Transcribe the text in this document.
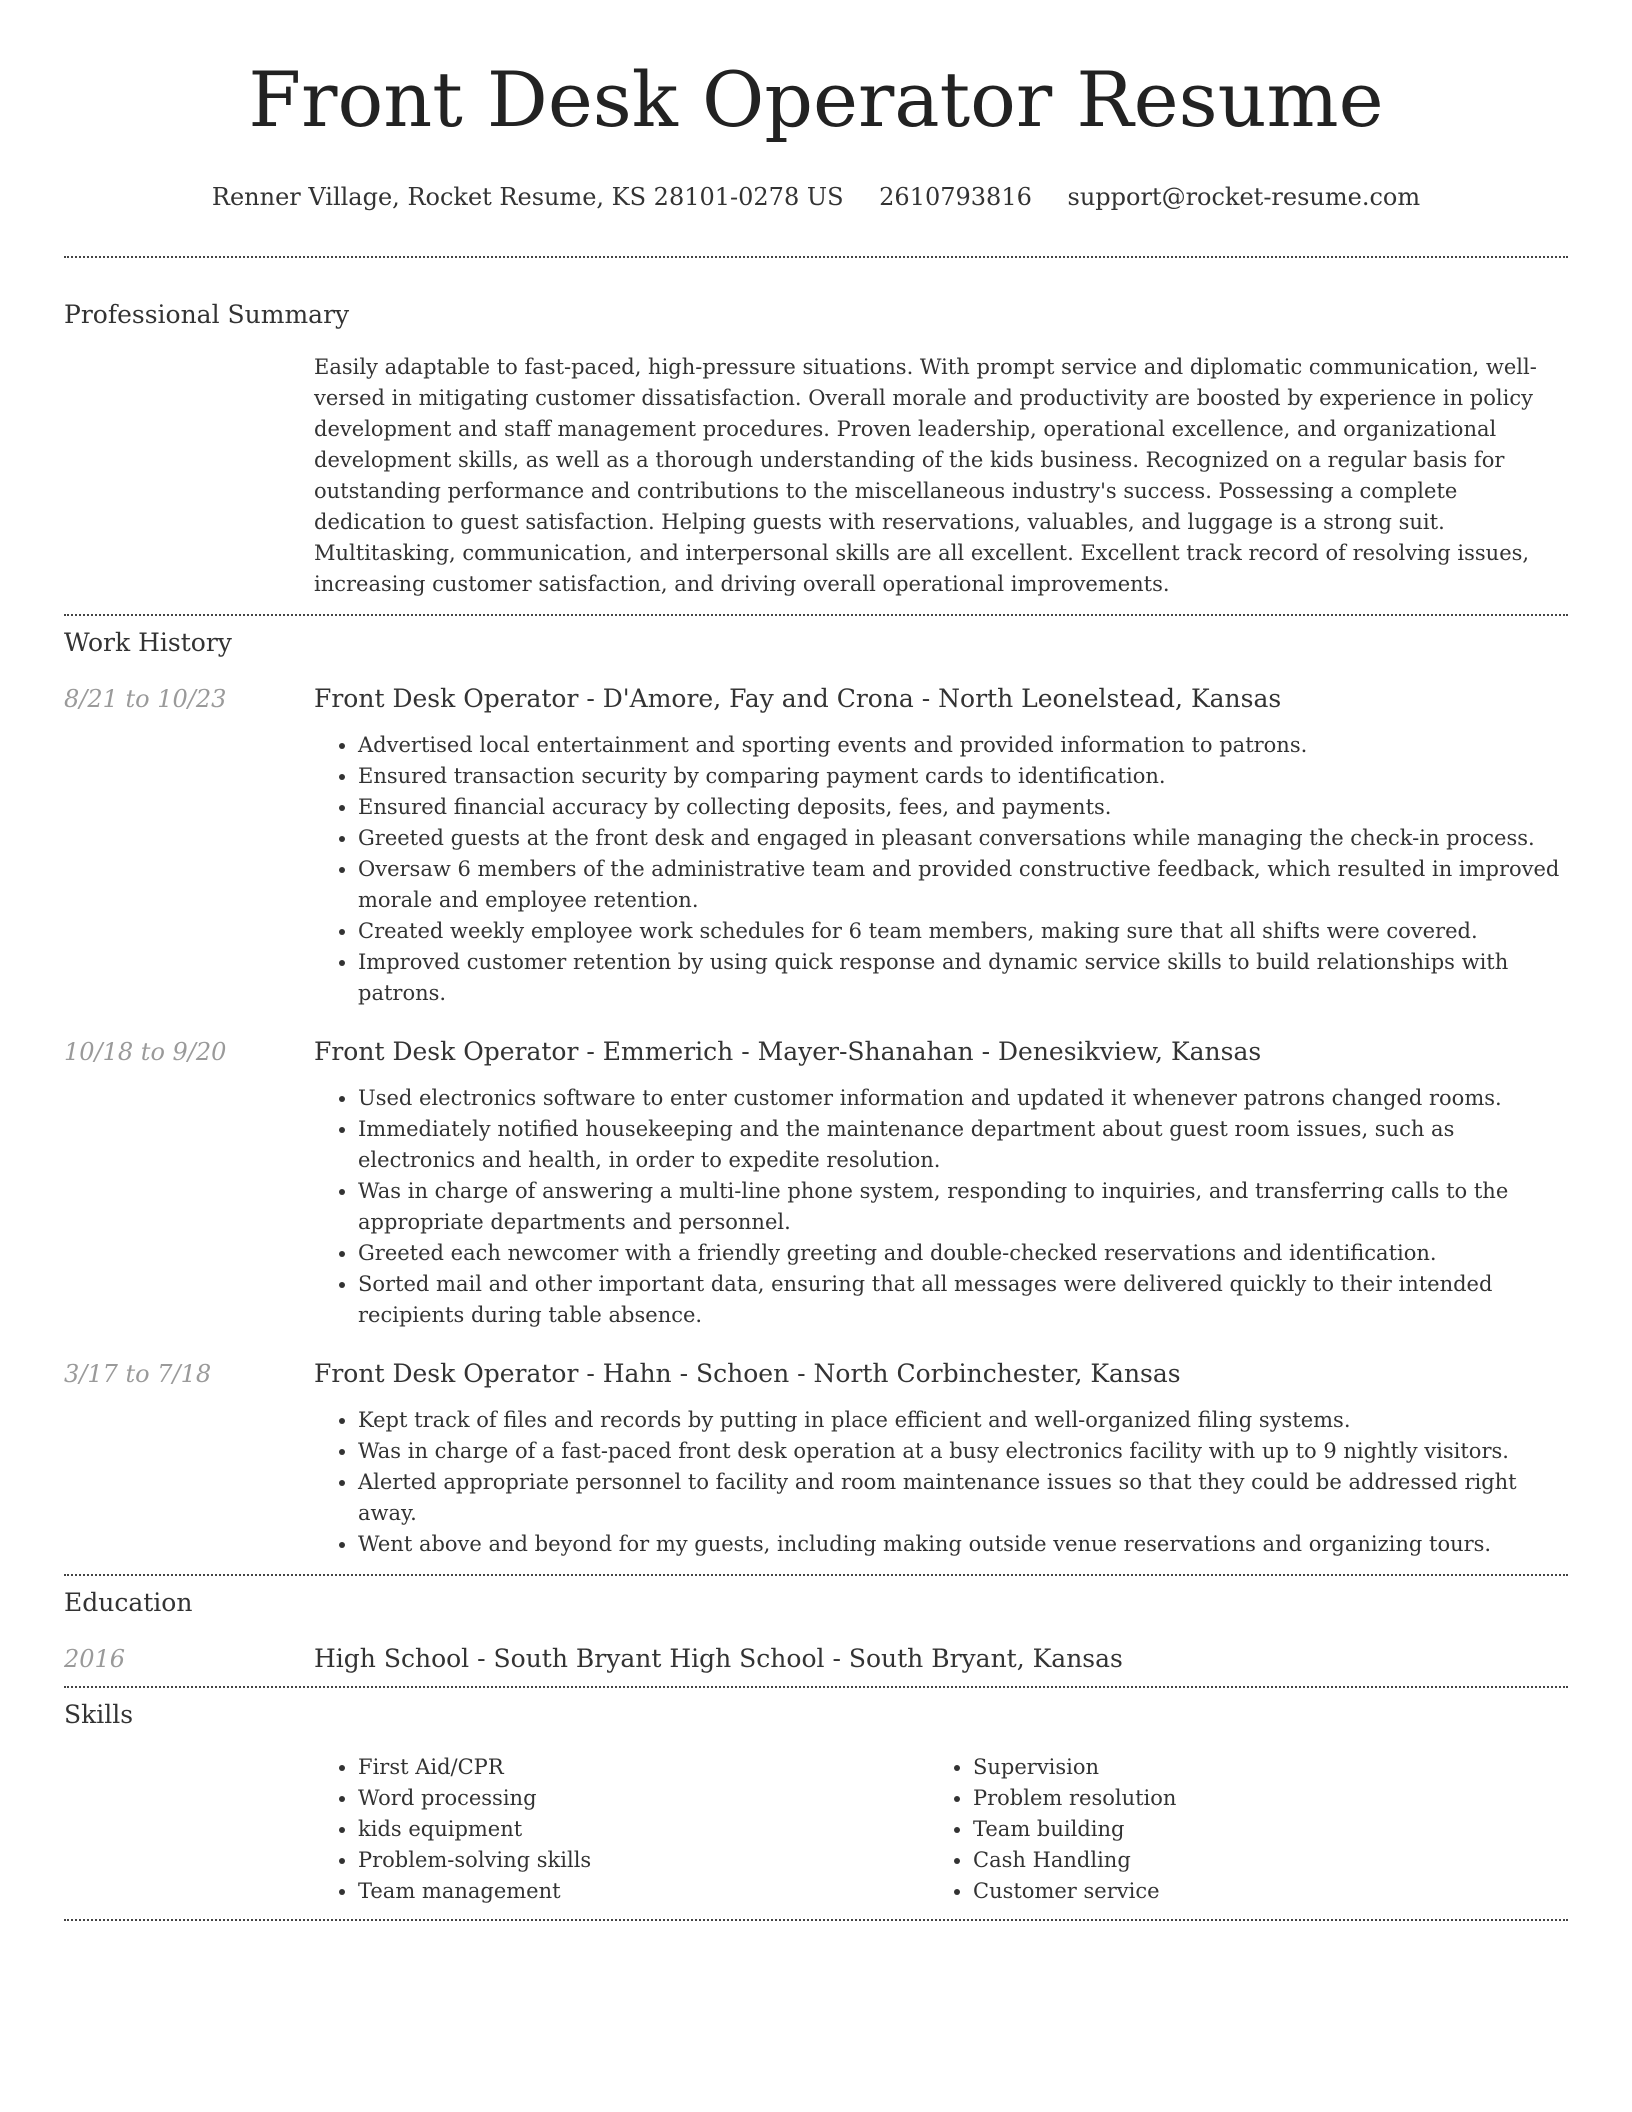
Front Desk Operator Resume
Renner Village, Rocket Resume, KS 28101-0278 US 2610793816 support@rocket-resume.com
Professional Summary

Easily adaptable to fast-paced, high-pressure situations. With prompt service and diplomatic communication, well-versed in mitigating customer dissatisfaction. Overall morale and productivity are boosted by experience in policy development and staff management procedures. Proven leadership, operational excellence, and organizational development skills, as well as a thorough understanding of the kids business. Recognized on a regular basis for outstanding performance and contributions to the miscellaneous industry's success. Possessing a complete dedication to guest satisfaction. Helping guests with reservations, valuables, and luggage is a strong suit. Multitasking, communication, and interpersonal skills are all excellent. Excellent track record of resolving issues, increasing customer satisfaction, and driving overall operational improvements.

Work History
8/21 to 10/23	Front Desk Operator - D'Amore, Fay and Crona - North Leonelstead, Kansas
• Advertised local entertainment and sporting events and provided information to patrons.
• Ensured transaction security by comparing payment cards to identification.
• Ensured financial accuracy by collecting deposits, fees, and payments.
• Greeted guests at the front desk and engaged in pleasant conversations while managing the check-in process.
• Oversaw 6 members of the administrative team and provided constructive feedback, which resulted in improved morale and employee retention.
• Created weekly employee work schedules for 6 team members, making sure that all shifts were covered.
• Improved customer retention by using quick response and dynamic service skills to build relationships with patrons.
10/18 to 9/20	Front Desk Operator - Emmerich - Mayer-Shanahan - Denesikview, Kansas
• Used electronics software to enter customer information and updated it whenever patrons changed rooms.
• Immediately notified housekeeping and the maintenance department about guest room issues, such as electronics and health, in order to expedite resolution.
• Was in charge of answering a multi-line phone system, responding to inquiries, and transferring calls to the appropriate departments and personnel.
• Greeted each newcomer with a friendly greeting and double-checked reservations and identification.
• Sorted mail and other important data, ensuring that all messages were delivered quickly to their intended recipients during table absence.
3/17 to 7/18	Front Desk Operator - Hahn - Schoen - North Corbinchester, Kansas
• Kept track of files and records by putting in place efficient and well-organized filing systems.
• Was in charge of a fast-paced front desk operation at a busy electronics facility with up to 9 nightly visitors.
• Alerted appropriate personnel to facility and room maintenance issues so that they could be addressed right away.
• Went above and beyond for my guests, including making outside venue reservations and organizing tours.
Education
2016	High School - South Bryant High School - South Bryant, Kansas
Skills
• First Aid/CPR
• Word processing
• kids equipment
• Problem-solving skills
• Team management
• Supervision
• Problem resolution
• Team building
• Cash Handling
• Customer service
